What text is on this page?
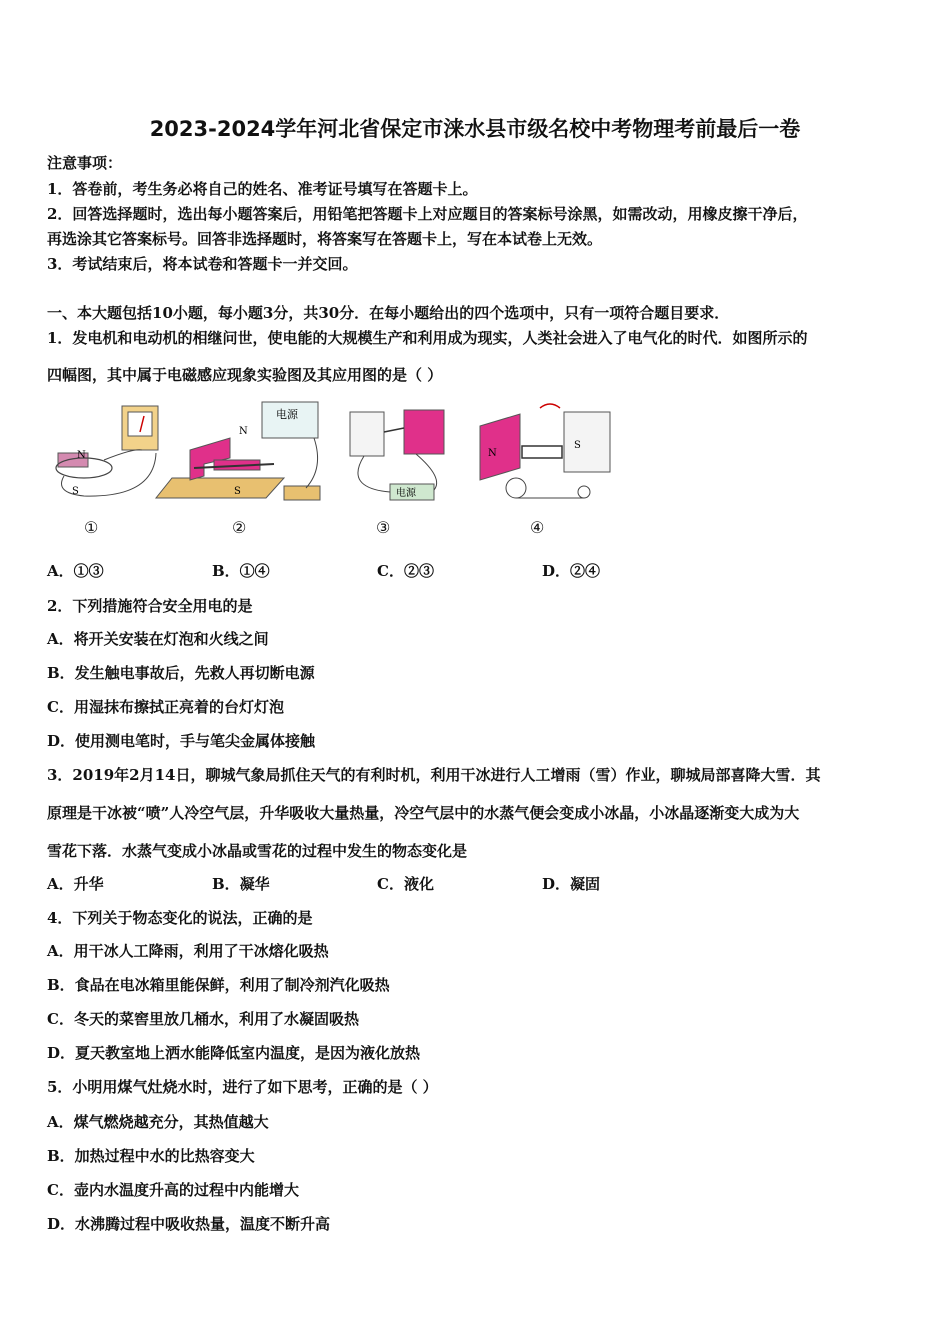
2023-2024学年河北省保定市涞水县市级名校中考物理考前最后一卷
注意事项：
1．答卷前，考生务必将自己的姓名、准考证号填写在答题卡上。
2．回答选择题时，选出每小题答案后，用铅笔把答题卡上对应题目的答案标号涂黑，如需改动，用橡皮擦干净后，
再选涂其它答案标号。回答非选择题时，将答案写在答题卡上，写在本试卷上无效。
3．考试结束后，将本试卷和答题卡一并交回。
一、本大题包括10小题，每小题3分，共30分．在每小题给出的四个选项中，只有一项符合题目要求．
1．发电机和电动机的相继问世，使电能的大规模生产和利用成为现实，人类社会进入了电气化的时代．如图所示的
四幅图，其中属于电磁感应现象实验图及其应用图的是（ ）
N
S
电源
N
S	电源
N
S
①	②	③	④
A．①③	B．①④	C．②③	D．②④
2．下列措施符合安全用电的是
A．将开关安装在灯泡和火线之间
B．发生触电事故后，先救人再切断电源
C．用湿抹布擦拭正亮着的台灯灯泡
D．使用测电笔时，手与笔尖金属体接触
3．2019年2月14日，聊城气象局抓住天气的有利时机，利用干冰进行人工增雨（雪）作业，聊城局部喜降大雪．其
原理是干冰被“喷”人冷空气层，升华吸收大量热量，冷空气层中的水蒸气便会变成小冰晶，小冰晶逐渐变大成为大
雪花下落．水蒸气变成小冰晶或雪花的过程中发生的物态变化是
A．升华	B．凝华	C．液化	D．凝固
4．下列关于物态变化的说法，正确的是
A．用干冰人工降雨，利用了干冰熔化吸热
B．食品在电冰箱里能保鲜，利用了制冷剂汽化吸热
C．冬天的菜窖里放几桶水，利用了水凝固吸热
D．夏天教室地上洒水能降低室内温度，是因为液化放热
5．小明用煤气灶烧水时，进行了如下思考，正确的是（ ）
A．煤气燃烧越充分，其热值越大
B．加热过程中水的比热容变大
C．壶内水温度升高的过程中内能增大
D．水沸腾过程中吸收热量，温度不断升高
